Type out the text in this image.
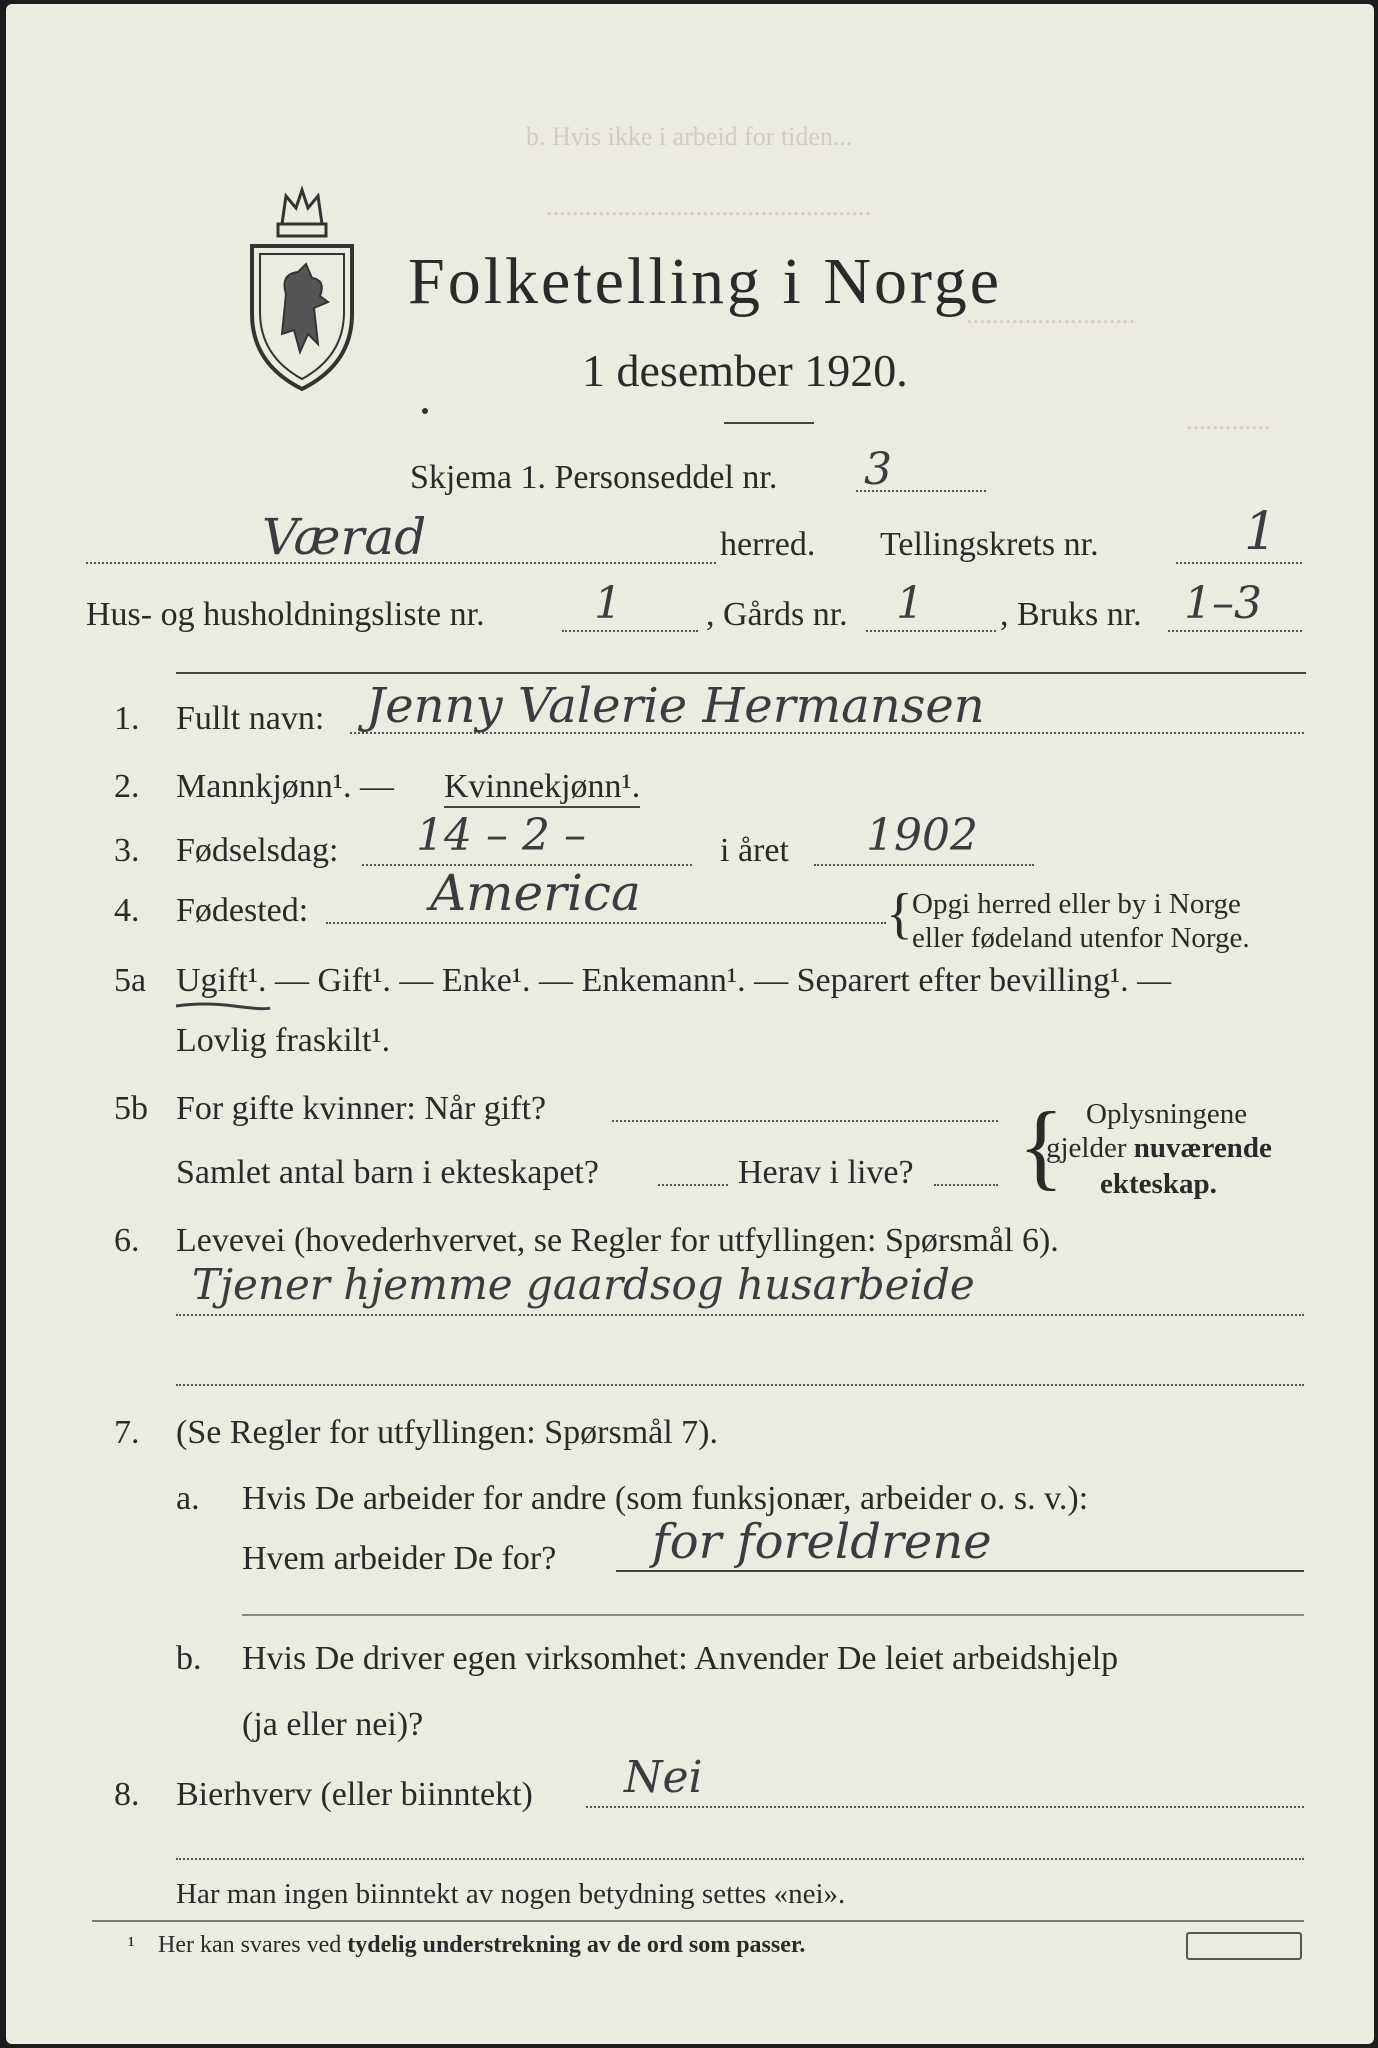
b. Hvis ikke i arbeid for tiden...
..................................................
..........................
.............
Folketelling i Norge
1 desember 1920.
Skjema 1. Personseddel nr. 3
Værad	herred. Tellingskrets nr.	1
Hus- og husholdningsliste nr. 1 , Gårds nr. 1 , Bruks nr. 1–3
1. Fullt navn: Jenny Valerie Hermansen
2. Mannkjønn¹. — Kvinnekjønn¹.
3. Fødselsdag: 14 – 2 –	i året 1902
4. Fødested: America	{ Opgi herred eller by i Norge
eller fødeland utenfor Norge.
5a Ugift¹. — Gift¹. — Enke¹. — Enkemann¹. — Separert efter bevilling¹. —
Lovlig fraskilt¹.
5b For gifte kvinner: Når gift?
Samlet antal barn i ekteskapet?	Herav i live? { Oplysningene
gjelder nuværende
ekteskap.
6. Levevei (hovederhvervet, se Regler for utfyllingen: Spørsmål 6).
Tjener hjemme gaardsog husarbeide
7. (Se Regler for utfyllingen: Spørsmål 7).
a. Hvis De arbeider for andre (som funksjonær, arbeider o. s. v.):
Hvem arbeider De for? for foreldrene
b. Hvis De driver egen virksomhet: Anvender De leiet arbeidshjelp
(ja eller nei)?
8. Bierhverv (eller biinntekt) Nei
Har man ingen biinntekt av nogen betydning settes «nei».
¹ Her kan svares ved tydelig understrekning av de ord som passer.
